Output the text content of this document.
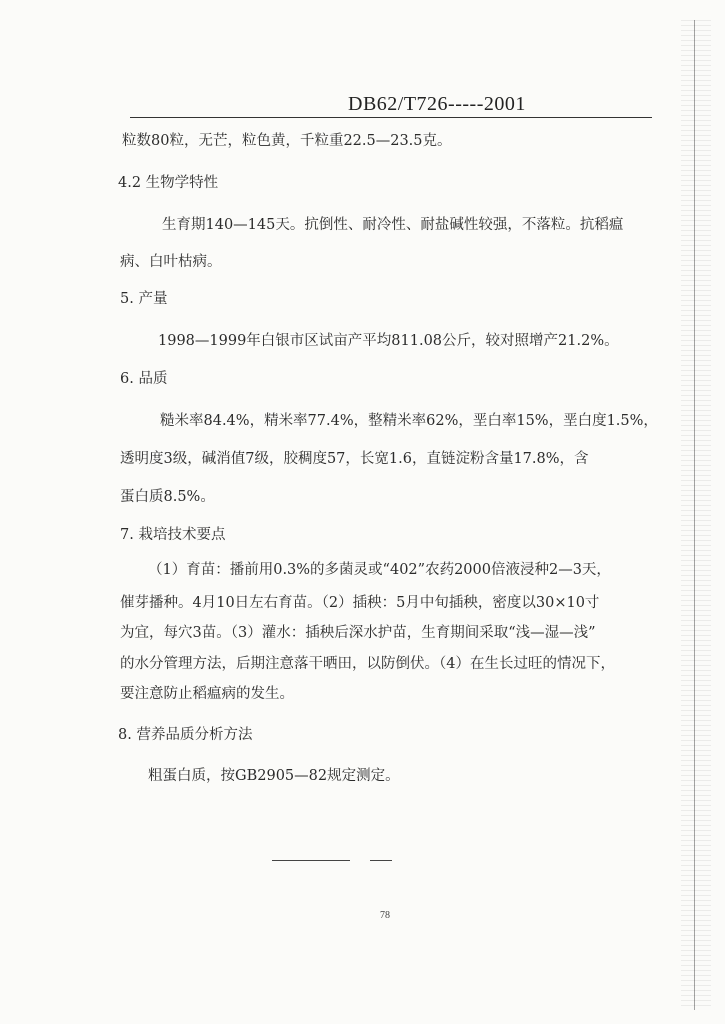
DB62/T726-----2001
粒数80粒，无芒，粒色黄，千粒重22.5—23.5克。
4.2 生物学特性
生育期140—145天。抗倒性、耐冷性、耐盐碱性较强，不落粒。抗稻瘟
病、白叶枯病。
5. 产量
1998—1999年白银市区试亩产平均811.08公斤，较对照增产21.2%。
6. 品质
糙米率84.4%，精米率77.4%，整精米率62%，垩白率15%，垩白度1.5%，
透明度3级，碱消值7级，胶稠度57，长宽1.6，直链淀粉含量17.8%，含
蛋白质8.5%。
7. 栽培技术要点
（1）育苗：播前用0.3%的多菌灵或“402”农药2000倍液浸种2—3天，
催芽播种。4月10日左右育苗。（2）插秧：5月中旬插秧，密度以30×10寸
为宜，每穴3苗。（3）灌水：插秧后深水护苗，生育期间采取“浅—湿—浅”
的水分管理方法，后期注意落干晒田，以防倒伏。（4）在生长过旺的情况下，
要注意防止稻瘟病的发生。
8. 营养品质分析方法
粗蛋白质，按GB2905—82规定测定。
78
